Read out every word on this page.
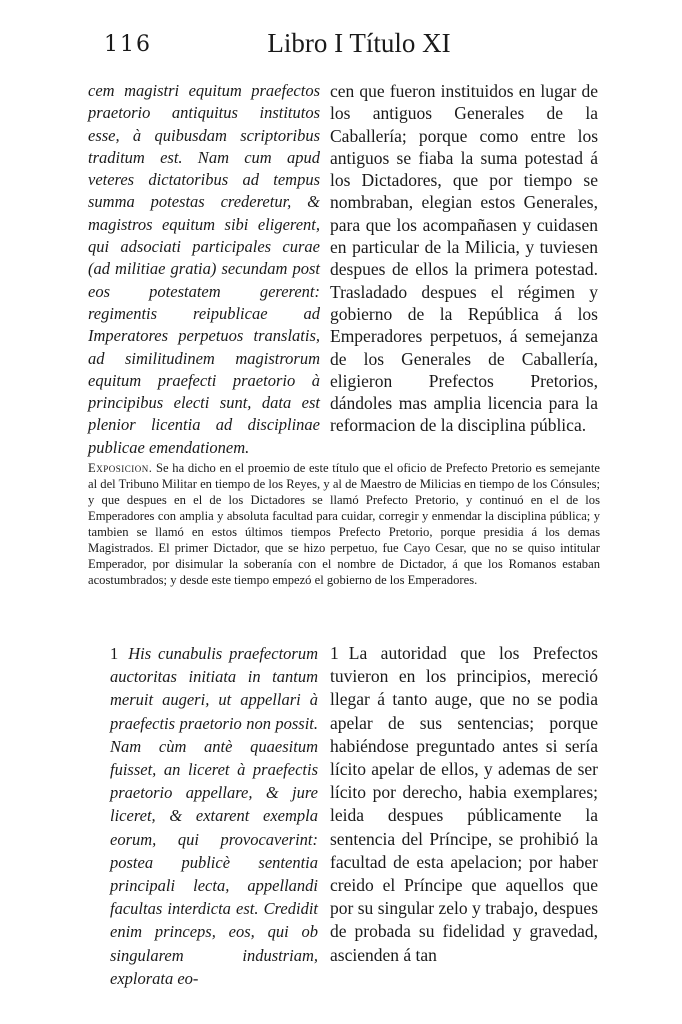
116	Libro I Título XI

cem magistri equitum praefectos praetorio antiquitus institutos esse, à quibusdam scriptoribus traditum est. Nam cum apud veteres dictatoribus ad tempus summa potestas crederetur, & magistros equitum sibi eligerent, qui adsociati participales curae (ad militiae gratia) secundam post eos potestatem gererent: regimentis reipublicae ad Imperatores perpetuos translatis, ad similitudinem magistrorum equitum praefecti praetorio à principibus electi sunt, data est plenior licentia ad disciplinae publicae emendationem.

cen que fueron instituidos en lugar de los antiguos Generales de la Caballería; porque como entre los antiguos se fiaba la suma potestad á los Dictadores, que por tiempo se nombraban, elegian estos Generales, para que los acompañasen y cuidasen en particular de la Milicia, y tuviesen despues de ellos la primera potestad. Trasladado despues el régimen y gobierno de la República á los Emperadores perpetuos, á semejanza de los Generales de Caballería, eligieron Prefectos Pretorios, dándoles mas amplia licencia para la reformacion de la disciplina pública.

Exposicion. Se ha dicho en el proemio de este título que el oficio de Prefecto Pretorio es semejante al del Tribuno Militar en tiempo de los Reyes, y al de Maestro de Milicias en tiempo de los Cónsules; y que despues en el de los Dictadores se llamó Prefecto Pretorio, y continuó en el de los Emperadores con amplia y absoluta facultad para cuidar, corregir y enmendar la disciplina pública; y tambien se llamó en estos últimos tiempos Prefecto Pretorio, porque presidia á los demas Magistrados. El primer Dictador, que se hizo perpetuo, fue Cayo Cesar, que no se quiso intitular Emperador, por disimular la soberanía con el nombre de Dictador, á que los Romanos estaban acostumbrados; y desde este tiempo empezó el gobierno de los Emperadores.

1 His cunabulis praefectorum auctoritas initiata in tantum meruit augeri, ut appellari à praefectis praetorio non possit. Nam cùm antè quaesitum fuisset, an liceret à praefectis praetorio appellare, & jure liceret, & extarent exempla eorum, qui provocaverint: postea publicè sententia principali lecta, appellandi facultas interdicta est. Credidit enim princeps, eos, qui ob singularem industriam, explorata eo-

1 La autoridad que los Prefectos tuvieron en los principios, mereció llegar á tanto auge, que no se podia apelar de sus sentencias; porque habiéndose preguntado antes si sería lícito apelar de ellos, y ademas de ser lícito por derecho, habia exemplares; leida despues públicamente la sentencia del Príncipe, se prohibió la facultad de esta apelacion; por haber creido el Príncipe que aquellos que por su singular zelo y trabajo, despues de probada su fidelidad y gravedad, ascienden á tan
